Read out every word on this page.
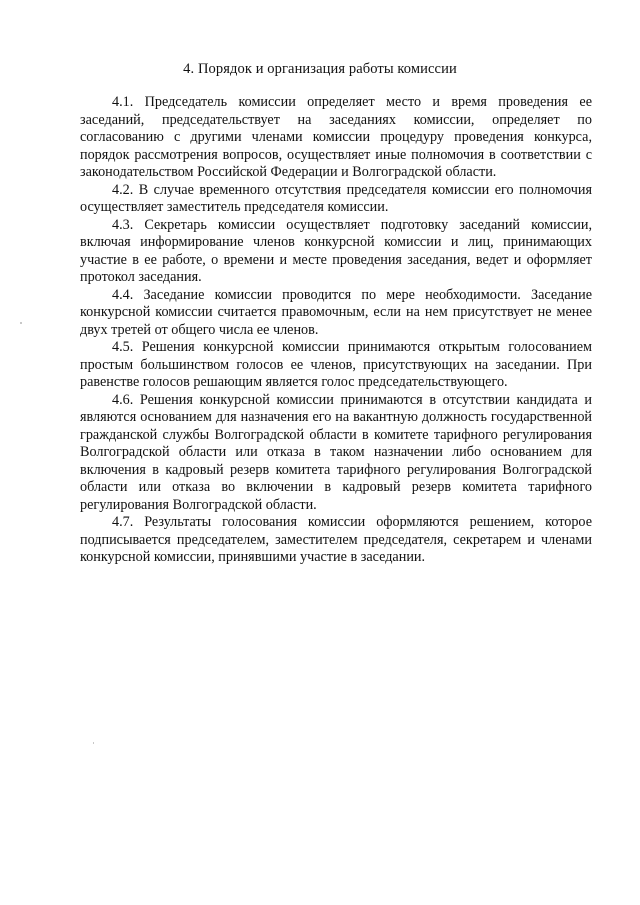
4. Порядок и организация работы комиссии

4.1. Председатель комиссии определяет место и время проведения ее заседаний, председательствует на заседаниях комиссии, определяет по согласованию с другими членами комиссии процедуру проведения конкурса, порядок рассмотрения вопросов, осуществляет иные полномочия в соответствии с законодательством Российской Федерации и Волгоградской области.

4.2. В случае временного отсутствия председателя комиссии его полномочия осуществляет заместитель председателя комиссии.

4.3. Секретарь комиссии осуществляет подготовку заседаний комиссии, включая информирование членов конкурсной комиссии и лиц, принимающих участие в ее работе, о времени и месте проведения заседания, ведет и оформляет протокол заседания.

4.4. Заседание комиссии проводится по мере необходимости. Заседание конкурсной комиссии считается правомочным, если на нем присутствует не менее двух третей от общего числа ее членов.

4.5. Решения конкурсной комиссии принимаются открытым голосованием простым большинством голосов ее членов, присутствующих на заседании. При равенстве голосов решающим является голос председательствующего.

4.6. Решения конкурсной комиссии принимаются в отсутствии кандидата и являются основанием для назначения его на вакантную должность государственной гражданской службы Волгоградской области в комитете тарифного регулирования Волгоградской области или отказа в таком назначении либо основанием для включения в кадровый резерв комитета тарифного регулирования Волгоградской области или отказа во включении в кадровый резерв комитета тарифного регулирования Волгоградской области.

4.7. Результаты голосования комиссии оформляются решением, которое подписывается председателем, заместителем председателя, секретарем и членами конкурсной комиссии, принявшими участие в заседании.
